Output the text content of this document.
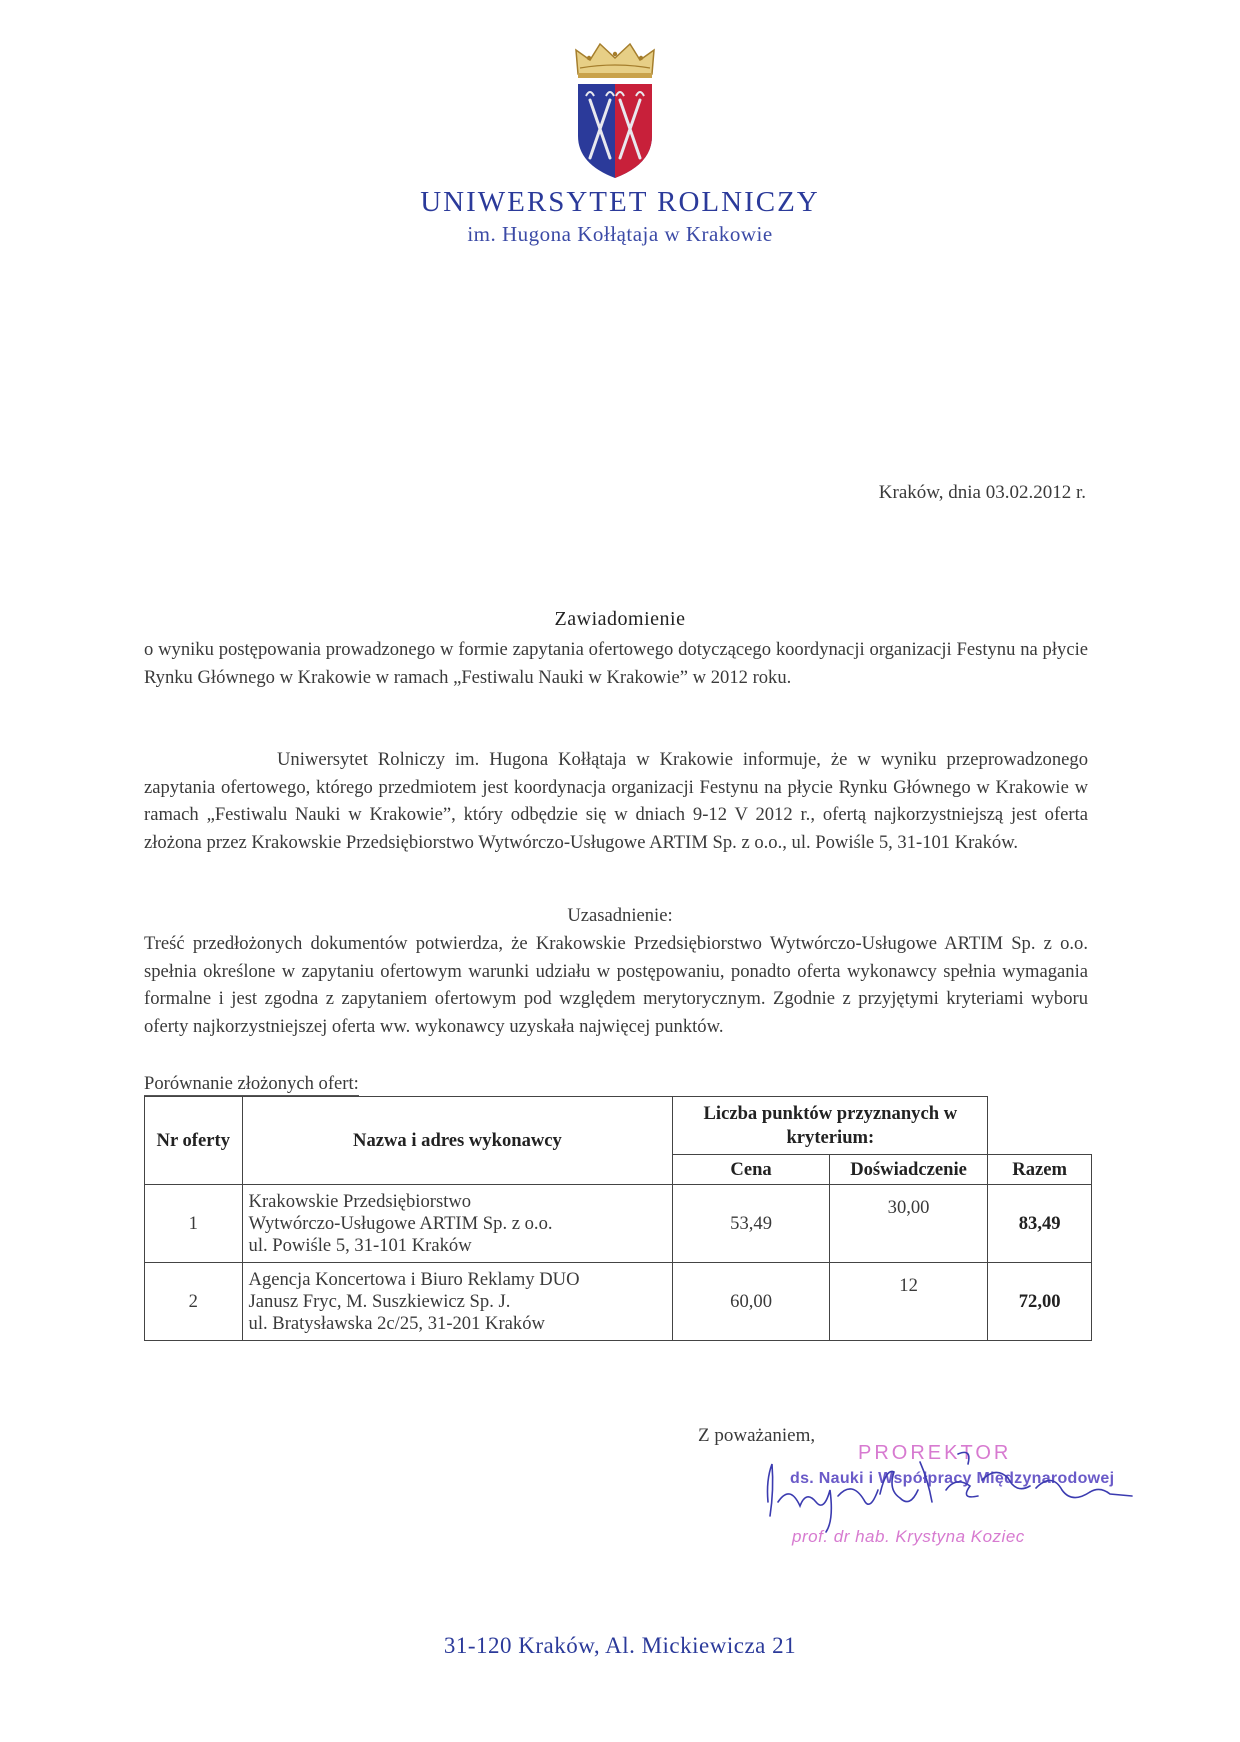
UNIWERSYTET ROLNICZY
im. Hugona Kołłątaja w Krakowie
Kraków, dnia 03.02.2012 r.
Zawiadomienie

o wyniku postępowania prowadzonego w formie zapytania ofertowego dotyczącego koordynacji organizacji Festynu na płycie Rynku Głównego w Krakowie w ramach „Festiwalu Nauki w Krakowie” w 2012 roku.

Uniwersytet Rolniczy im. Hugona Kołłątaja w Krakowie informuje, że w wyniku przeprowadzonego zapytania ofertowego, którego przedmiotem jest koordynacja organizacji Festynu na płycie Rynku Głównego w Krakowie w ramach „Festiwalu Nauki w Krakowie”, który odbędzie się w dniach 9-12 V 2012 r., ofertą najkorzystniejszą jest oferta złożona przez Krakowskie Przedsiębiorstwo Wytwórczo-Usługowe ARTIM Sp. z o.o., ul. Powiśle 5, 31-101 Kraków.

Uzasadnienie:

Treść przedłożonych dokumentów potwierdza, że Krakowskie Przedsiębiorstwo Wytwórczo-Usługowe ARTIM Sp. z o.o. spełnia określone w zapytaniu ofertowym warunki udziału w postępowaniu, ponadto oferta wykonawcy spełnia wymagania formalne i jest zgodna z zapytaniem ofertowym pod względem merytorycznym. Zgodnie z przyjętymi kryteriami wyboru oferty najkorzystniejszej oferta ww. wykonawcy uzyskała najwięcej punktów.

Porównanie złożonych ofert:
Nr oferty	Nazwa i adres wykonawcy	Liczba punktów przyznanych w kryterium:		
		Cena	Doświadczenie	Razem
1	Krakowskie Przedsiębiorstwo
Wytwórczo-Usługowe ARTIM Sp. z o.o.
ul. Powiśle 5, 31-101 Kraków	53,49	30,00	83,49
2	Agencja Koncertowa i Biuro Reklamy DUO
Janusz Fryc, M. Suszkiewicz Sp. J.
ul. Bratysławska 2c/25, 31-201 Kraków	60,00	12	72,00
Z poważaniem,
PROREKTOR
ds. Nauki i Współpracy Międzynarodowej
prof. dr hab. Krystyna Koziec
31-120 Kraków, Al. Mickiewicza 21
